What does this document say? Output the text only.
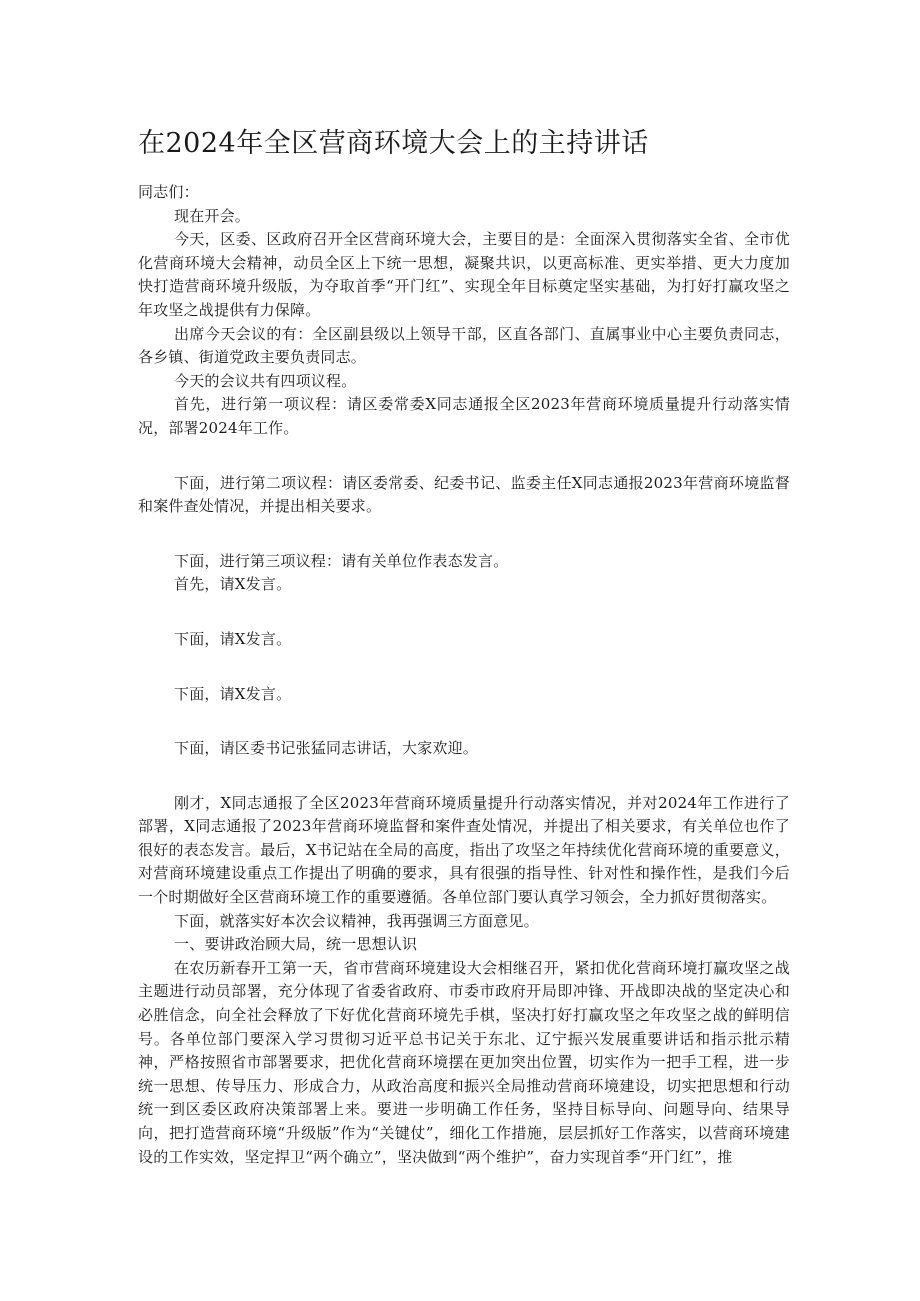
在2024年全区营商环境大会上的主持讲话

同志们：

现在开会。

今天，区委、区政府召开全区营商环境大会，主要目的是：全面深入贯彻落实全省、全市优化营商环境大会精神，动员全区上下统一思想，凝聚共识，以更高标准、更实举措、更大力度加快打造营商环境升级版，为夺取首季“开门红”、实现全年目标奠定坚实基础，为打好打赢攻坚之年攻坚之战提供有力保障。

出席今天会议的有：全区副县级以上领导干部，区直各部门、直属事业中心主要负责同志，各乡镇、街道党政主要负责同志。

今天的会议共有四项议程。

首先，进行第一项议程：请区委常委X同志通报全区2023年营商环境质量提升行动落实情况，部署2024年工作。

下面，进行第二项议程：请区委常委、纪委书记、监委主任X同志通报2023年营商环境监督和案件查处情况，并提出相关要求。

下面，进行第三项议程：请有关单位作表态发言。

首先，请X发言。

下面，请X发言。

下面，请X发言。

下面，请区委书记张猛同志讲话，大家欢迎。

刚才，X同志通报了全区2023年营商环境质量提升行动落实情况，并对2024年工作进行了部署，X同志通报了2023年营商环境监督和案件查处情况，并提出了相关要求，有关单位也作了很好的表态发言。最后，X书记站在全局的高度，指出了攻坚之年持续优化营商环境的重要意义，对营商环境建设重点工作提出了明确的要求，具有很强的指导性、针对性和操作性，是我们今后一个时期做好全区营商环境工作的重要遵循。各单位部门要认真学习领会，全力抓好贯彻落实。

下面，就落实好本次会议精神，我再强调三方面意见。

一、要讲政治顾大局，统一思想认识

在农历新春开工第一天，省市营商环境建设大会相继召开，紧扣优化营商环境打赢攻坚之战主题进行动员部署，充分体现了省委省政府、市委市政府开局即冲锋、开战即决战的坚定决心和必胜信念，向全社会释放了下好优化营商环境先手棋，坚决打好打赢攻坚之年攻坚之战的鲜明信号。各单位部门要深入学习贯彻习近平总书记关于东北、辽宁振兴发展重要讲话和指示批示精神，严格按照省市部署要求，把优化营商环境摆在更加突出位置，切实作为一把手工程，进一步统一思想、传导压力、形成合力，从政治高度和振兴全局推动营商环境建设，切实把思想和行动统一到区委区政府决策部署上来。要进一步明确工作任务，坚持目标导向、问题导向、结果导向，把打造营商环境“升级版”作为“关键仗”，细化工作措施，层层抓好工作落实，以营商环境建设的工作实效，坚定捍卫“两个确立”，坚决做到“两个维护”，奋力实现首季“开门红”，推
